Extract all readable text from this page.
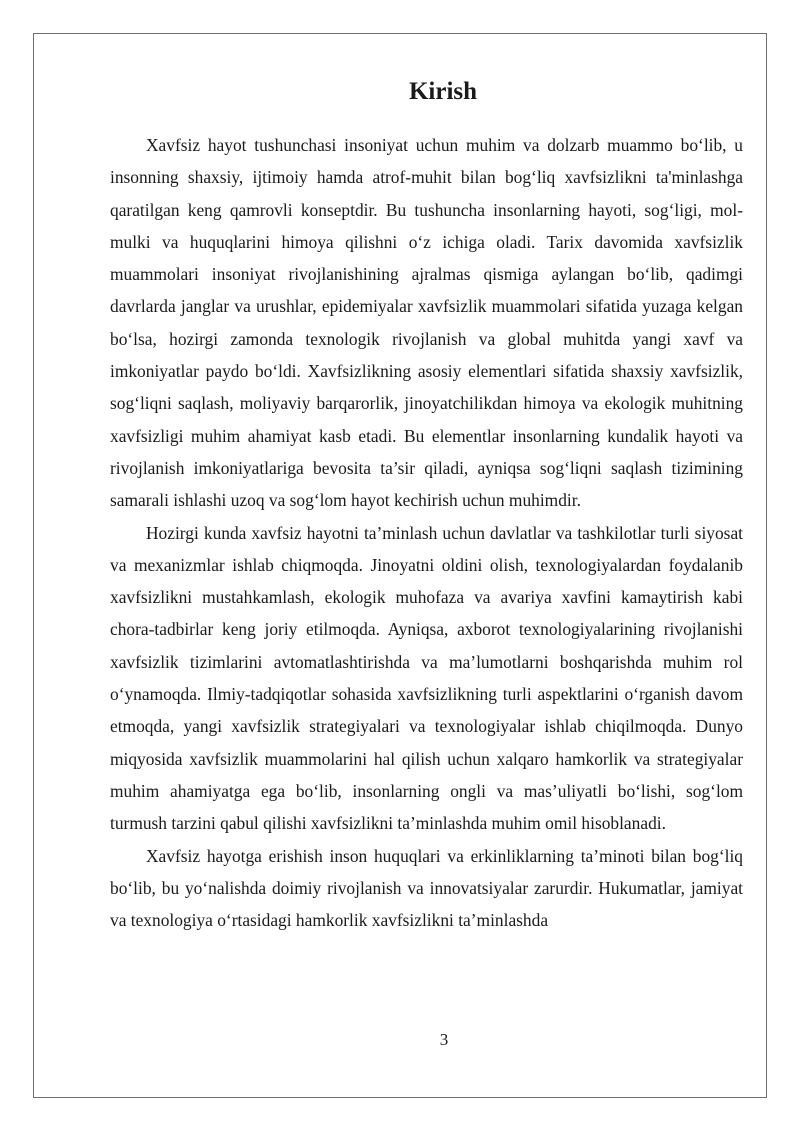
Kirish

Xavfsiz hayot tushunchasi insoniyat uchun muhim va dolzarb muammo bo‘lib, u insonning shaxsiy, ijtimoiy hamda atrof-muhit bilan bog‘liq xavfsizlikni ta'minlashga qaratilgan keng qamrovli konseptdir. Bu tushuncha insonlarning hayoti, sog‘ligi, mol-mulki va huquqlarini himoya qilishni o‘z ichiga oladi. Tarix davomida xavfsizlik muammolari insoniyat rivojlanishining ajralmas qismiga aylangan bo‘lib, qadimgi davrlarda janglar va urushlar, epidemiyalar xavfsizlik muammolari sifatida yuzaga kelgan bo‘lsa, hozirgi zamonda texnologik rivojlanish va global muhitda yangi xavf va imkoniyatlar paydo bo‘ldi. Xavfsizlikning asosiy elementlari sifatida shaxsiy xavfsizlik, sog‘liqni saqlash, moliyaviy barqarorlik, jinoyatchilikdan himoya va ekologik muhitning xavfsizligi muhim ahamiyat kasb etadi. Bu elementlar insonlarning kundalik hayoti va rivojlanish imkoniyatlariga bevosita ta’sir qiladi, ayniqsa sog‘liqni saqlash tizimining samarali ishlashi uzoq va sog‘lom hayot kechirish uchun muhimdir.

Hozirgi kunda xavfsiz hayotni ta’minlash uchun davlatlar va tashkilotlar turli siyosat va mexanizmlar ishlab chiqmoqda. Jinoyatni oldini olish, texnologiyalardan foydalanib xavfsizlikni mustahkamlash, ekologik muhofaza va avariya xavfini kamaytirish kabi chora-tadbirlar keng joriy etilmoqda. Ayniqsa, axborot texnologiyalarining rivojlanishi xavfsizlik tizimlarini avtomatlashtirishda va ma’lumotlarni boshqarishda muhim rol o‘ynamoqda. Ilmiy-tadqiqotlar sohasida xavfsizlikning turli aspektlarini o‘rganish davom etmoqda, yangi xavfsizlik strategiyalari va texnologiyalar ishlab chiqilmoqda. Dunyo miqyosida xavfsizlik muammolarini hal qilish uchun xalqaro hamkorlik va strategiyalar muhim ahamiyatga ega bo‘lib, insonlarning ongli va mas’uliyatli bo‘lishi, sog‘lom turmush tarzini qabul qilishi xavfsizlikni ta’minlashda muhim omil hisoblanadi.

Xavfsiz hayotga erishish inson huquqlari va erkinliklarning ta’minoti bilan bog‘liq bo‘lib, bu yo‘nalishda doimiy rivojlanish va innovatsiyalar zarurdir. Hukumatlar, jamiyat va texnologiya o‘rtasidagi hamkorlik xavfsizlikni ta’minlashda

3
